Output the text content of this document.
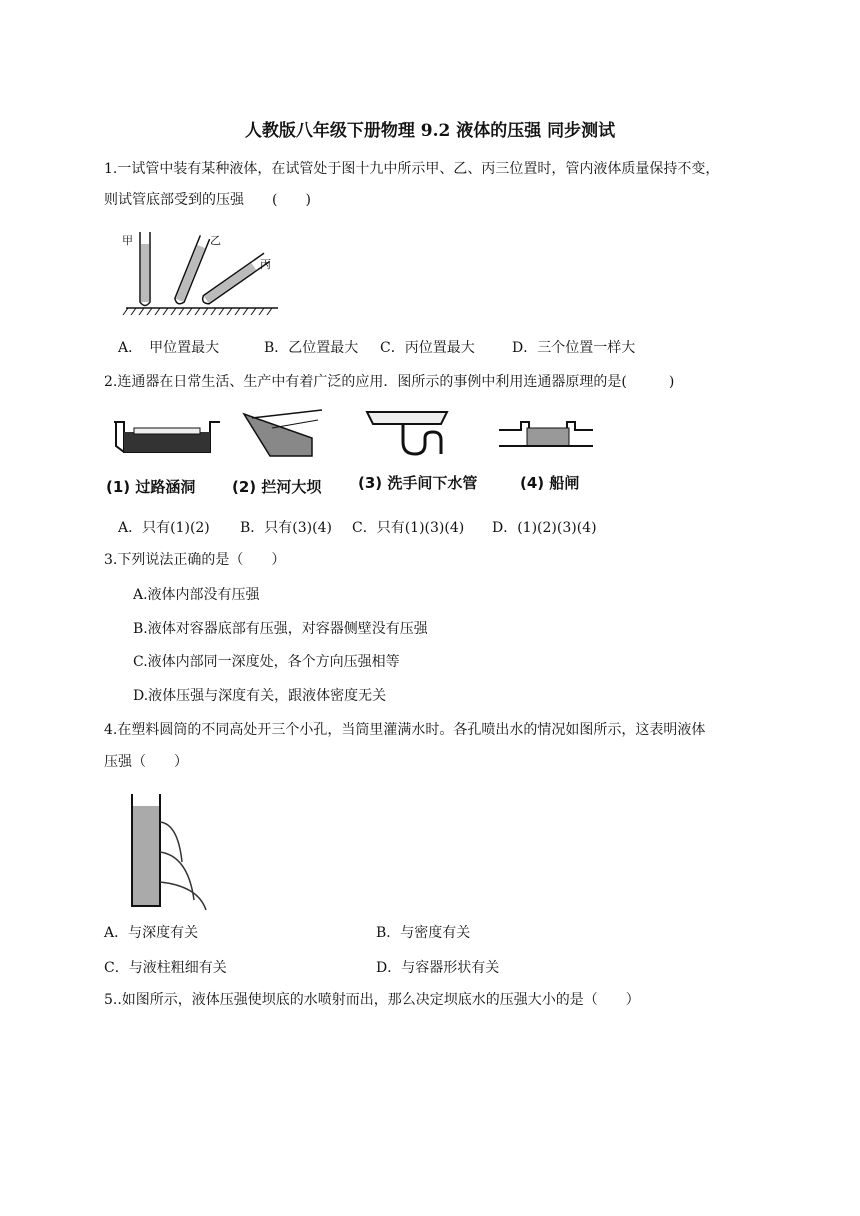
人教版八年级下册物理 9.2 液体的压强 同步测试
1.一试管中装有某种液体，在试管处于图十九中所示甲、乙、丙三位置时，管内液体质量保持不变，
则试管底部受到的压强　　(　　)
甲	乙
丙
A．　甲位置最大	B．乙位置最大 C．丙位置最大	D．三个位置一样大
2.连通器在日常生活、生产中有着广泛的应用．图所示的事例中利用连通器原理的是(　　　)
(1) 过路涵洞 (2) 拦河大坝 (3) 洗手间下水管	(4) 船闸
A．只有(1)(2) B．只有(3)(4) C．只有(1)(3)(4) D．(1)(2)(3)(4)
3.下列说法正确的是（　　）
A.液体内部没有压强
B.液体对容器底部有压强，对容器侧壁没有压强
C.液体内部同一深度处，各个方向压强相等
D.液体压强与深度有关，跟液体密度无关
4.在塑料圆筒的不同高处开三个小孔，当筒里灌满水时。各孔喷出水的情况如图所示，这表明液体
压强（　　）
A．与深度有关	B．与密度有关
C．与液柱粗细有关	D．与容器形状有关
5..如图所示，液体压强使坝底的水喷射而出，那么决定坝底水的压强大小的是（　　）
